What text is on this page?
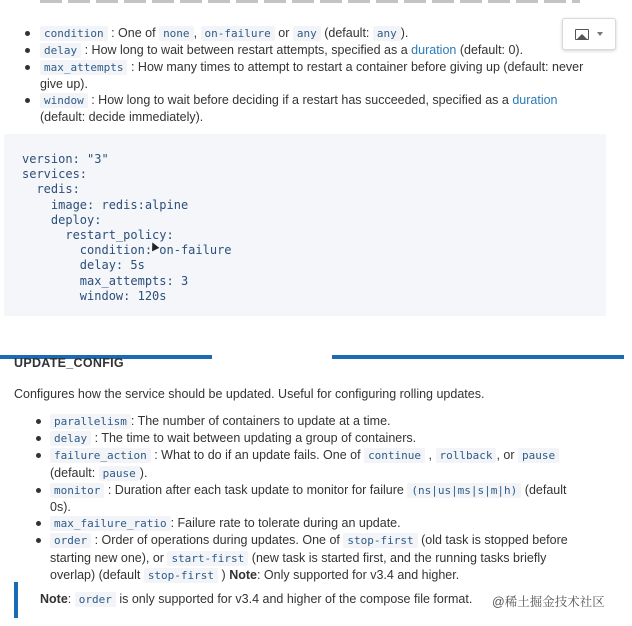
condition : One of none , on-failure or any (default: any ).
delay : How long to wait between restart attempts, specified as a duration (default: 0).
max_attempts : How many times to attempt to restart a container before giving up (default: never give up).
window : How long to wait before deciding if a restart has succeeded, specified as a duration (default: decide immediately).
version: "3"
services:
redis:
image: redis:alpine
deploy:
restart_policy:
condition: on-failure
delay: 5s
max_attempts: 3
window: 120s
UPDATE_CONFIG
Configures how the service should be updated. Useful for configuring rolling updates.
parallelism : The number of containers to update at a time.
delay : The time to wait between updating a group of containers.
failure_action : What to do if an update fails. One of continue , rollback , or pause (default: pause ).
monitor : Duration after each task update to monitor for failure (ns|us|ms|s|m|h) (default 0s).
max_failure_ratio : Failure rate to tolerate during an update.
order : Order of operations during updates. One of stop-first (old task is stopped before starting new one), or start-first (new task is started first, and the running tasks briefly overlap) (default stop-first ) Note: Only supported for v3.4 and higher.
Note: order is only supported for v3.4 and higher of the compose file format. @稀土掘金技术社区
